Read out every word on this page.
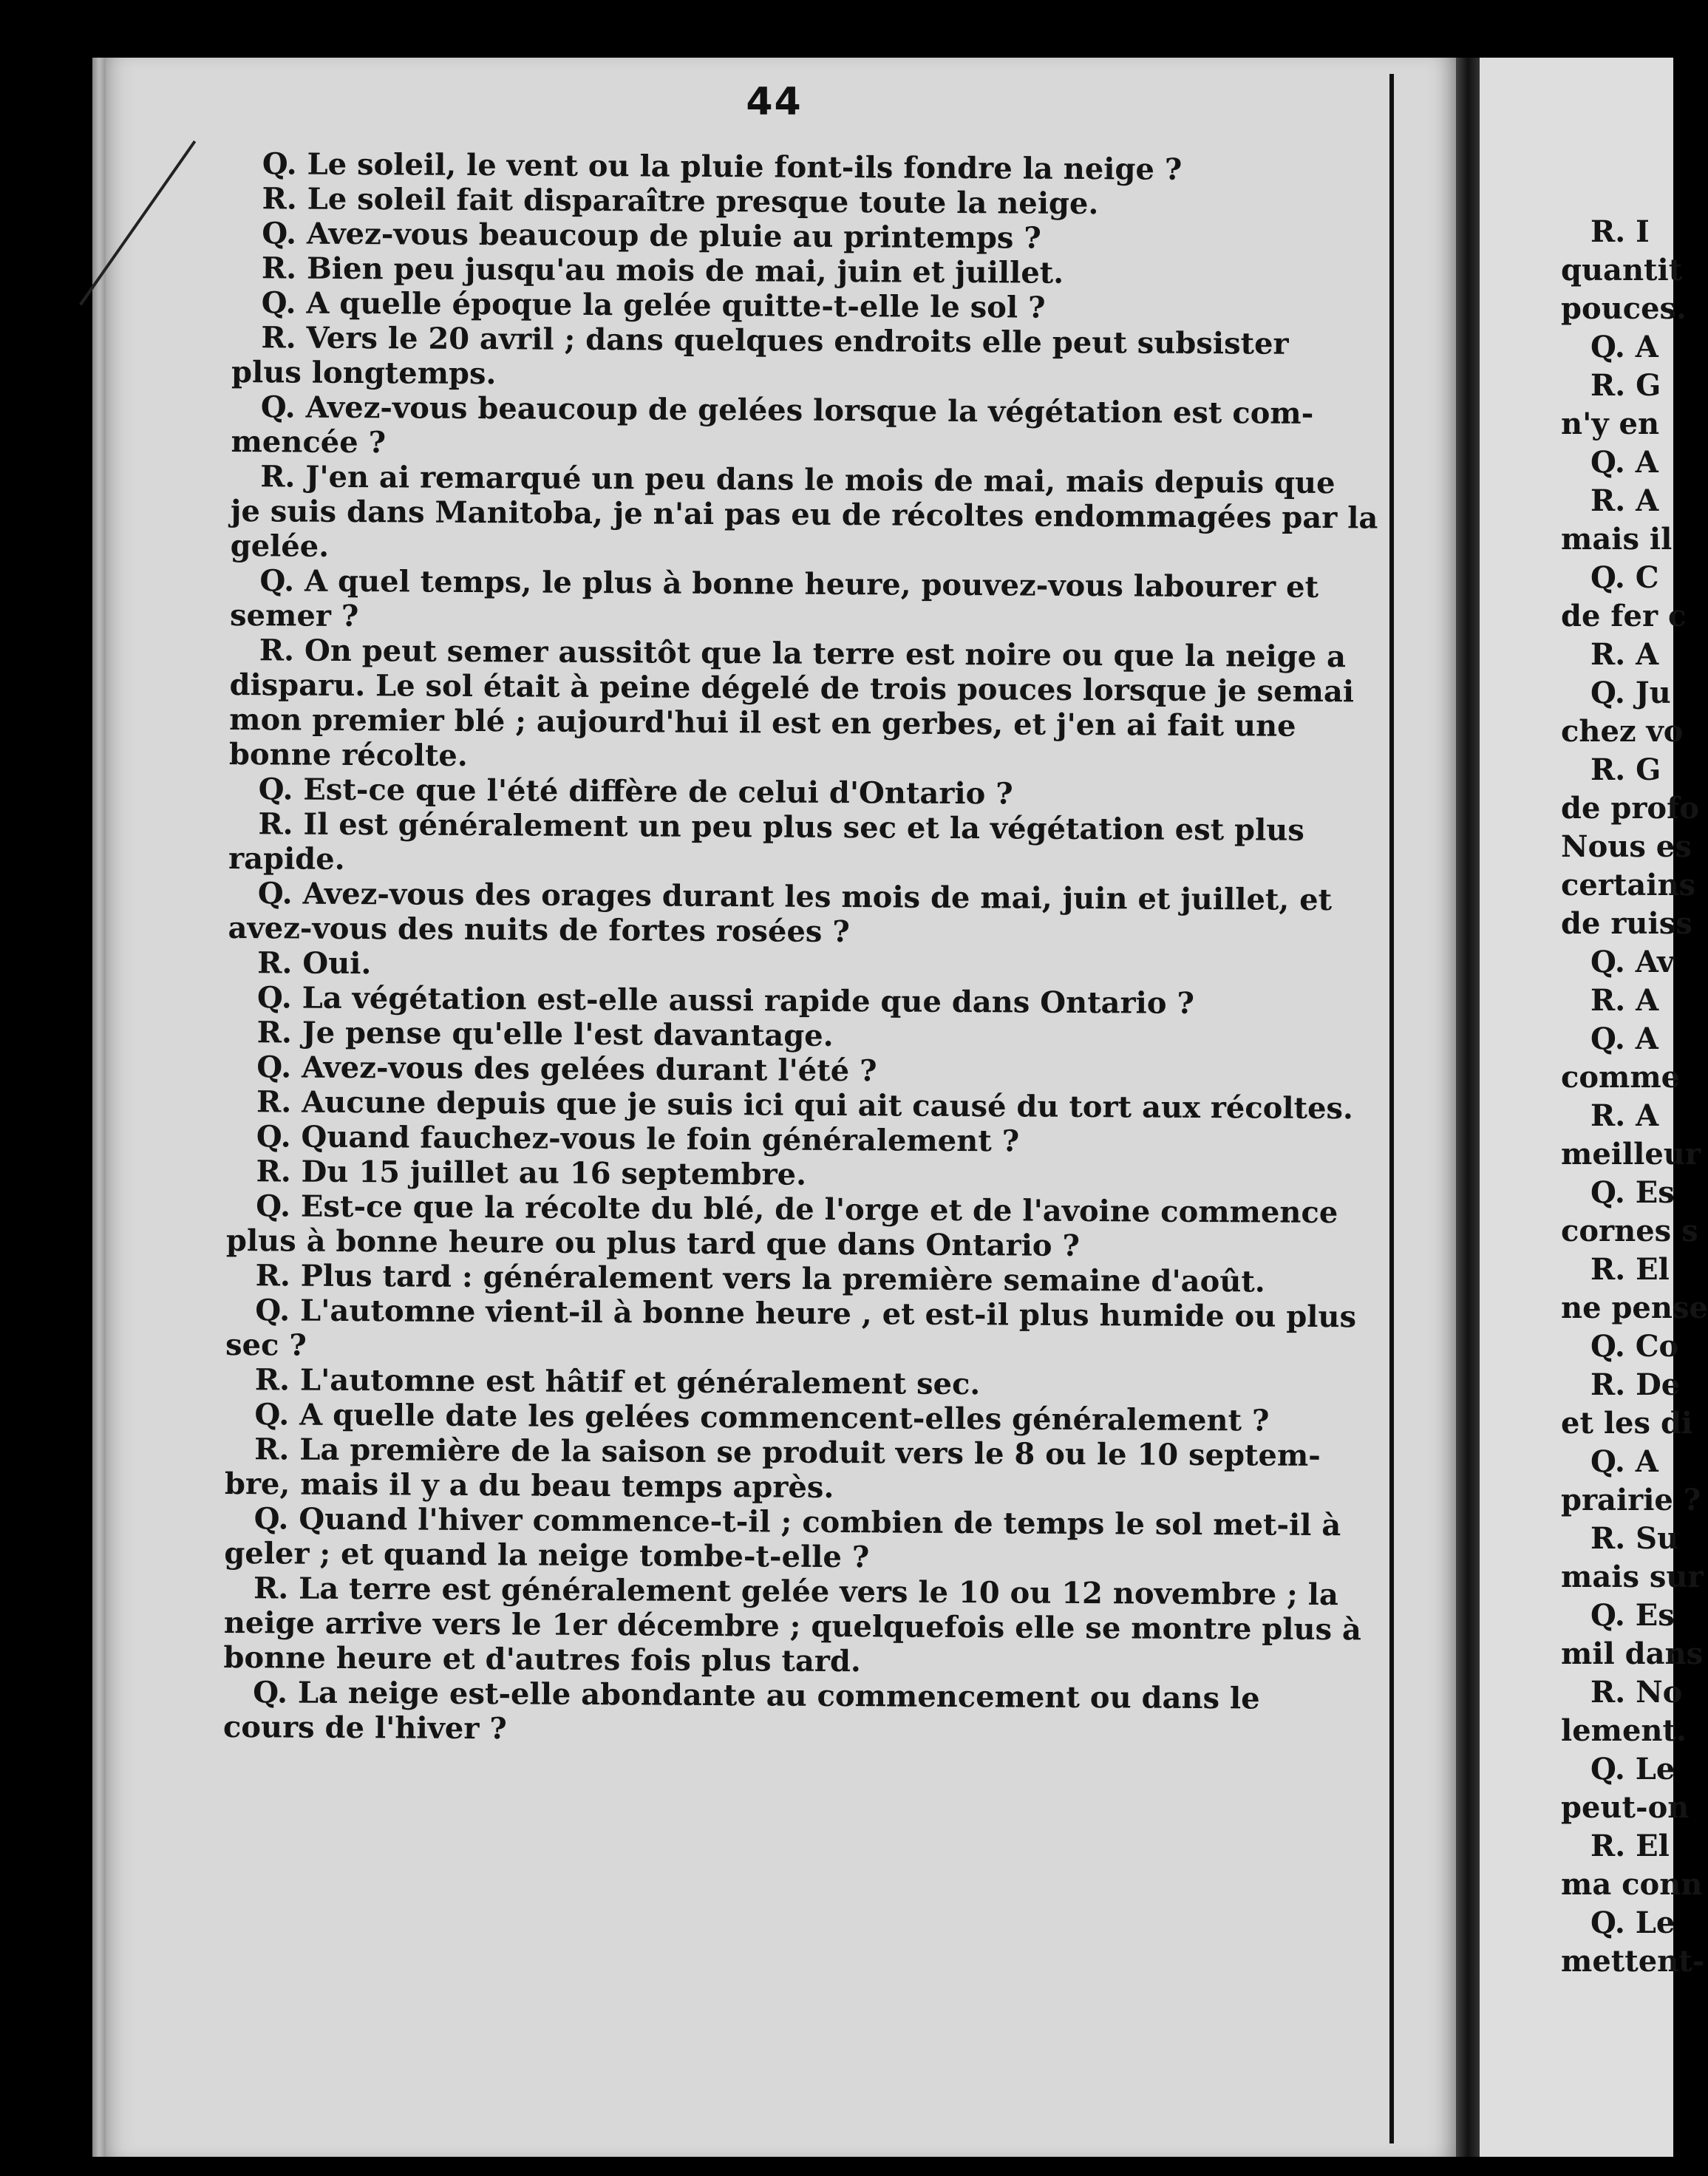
44
Q. Le soleil, le vent ou la pluie font-ils fondre la neige ?
R. Le soleil fait disparaître presque toute la neige.
Q. Avez-vous beaucoup de pluie au printemps ?
R. Bien peu jusqu'au mois de mai, juin et juillet.
Q. A quelle époque la gelée quitte-t-elle le sol ?
R. Vers le 20 avril ; dans quelques endroits elle peut subsister
plus longtemps.
Q. Avez-vous beaucoup de gelées lorsque la végétation est com-
mencée ?
R. J'en ai remarqué un peu dans le mois de mai, mais depuis que
je suis dans Manitoba, je n'ai pas eu de récoltes endommagées par la
gelée.
Q. A quel temps, le plus à bonne heure, pouvez-vous labourer et
semer ?
R. On peut semer aussitôt que la terre est noire ou que la neige a
disparu. Le sol était à peine dégelé de trois pouces lorsque je semai
mon premier blé ; aujourd'hui il est en gerbes, et j'en ai fait une
bonne récolte.
Q. Est-ce que l'été diffère de celui d'Ontario ?
R. Il est généralement un peu plus sec et la végétation est plus
rapide.
Q. Avez-vous des orages durant les mois de mai, juin et juillet, et
avez-vous des nuits de fortes rosées ?
R. Oui.
Q. La végétation est-elle aussi rapide que dans Ontario ?
R. Je pense qu'elle l'est davantage.
Q. Avez-vous des gelées durant l'été ?
R. Aucune depuis que je suis ici qui ait causé du tort aux récoltes.
Q. Quand fauchez-vous le foin généralement ?
R. Du 15 juillet au 16 septembre.
Q. Est-ce que la récolte du blé, de l'orge et de l'avoine commence
plus à bonne heure ou plus tard que dans Ontario ?
R. Plus tard : généralement vers la première semaine d'août.
Q. L'automne vient-il à bonne heure , et est-il plus humide ou plus
sec ?
R. L'automne est hâtif et généralement sec.
Q. A quelle date les gelées commencent-elles généralement ?
R. La première de la saison se produit vers le 8 ou le 10 septem-
bre, mais il y a du beau temps après.
Q. Quand l'hiver commence-t-il ; combien de temps le sol met-il à
geler ; et quand la neige tombe-t-elle ?
R. La terre est généralement gelée vers le 10 ou 12 novembre ; la
neige arrive vers le 1er décembre ; quelquefois elle se montre plus à
bonne heure et d'autres fois plus tard.
Q. La neige est-elle abondante au commencement ou dans le
cours de l'hiver ?
R. I
quantit
pouces.
Q. A
R. G
n'y en
Q. A
R. A
mais il
Q. C
de fer c
R. A
Q. Ju
chez vo
R. G
de profo
Nous es
certains
de ruiss
Q. Av
R. A
Q. A
comme
R. A
meilleur
Q. Es
cornes s
R. El
ne pense
Q. Co
R. De
et les di
Q. A
prairie ?
R. Su
mais sur
Q. Es
mil dans
R. No
lement.
Q. Le
peut-on
R. El
ma conn
Q. Le
mettent-
